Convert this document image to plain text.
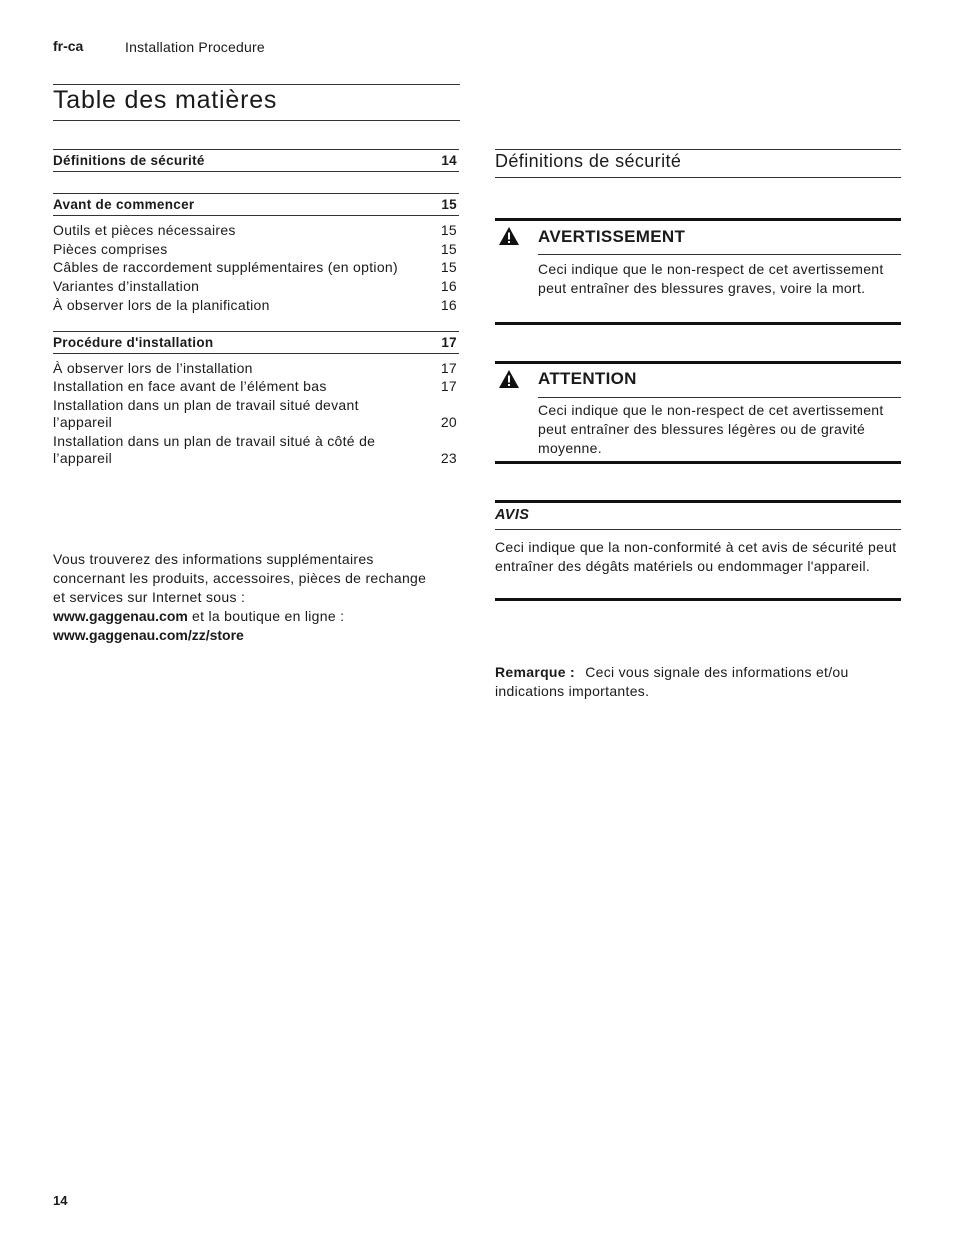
fr-ca	Installation Procedure
Table des matières
Définitions de sécurité	14
Avant de commencer	15
Outils et pièces nécessaires	15
Pièces comprises	15
Câbles de raccordement supplémentaires (en option)	15
Variantes d’installation	16
À observer lors de la planification	16
Procédure d'installation	17
À observer lors de l’installation	17
Installation en face avant de l’élément bas	17
Installation dans un plan de travail situé devant l’appareil	20
Installation dans un plan de travail situé à côté de l’appareil	23
Vous trouverez des informations supplémentaires concernant les produits, accessoires, pièces de rechange et services sur Internet sous :
www.gaggenau.com et la boutique en ligne :
www.gaggenau.com/zz/store
Définitions de sécurité
AVERTISSEMENT
Ceci indique que le non-respect de cet avertissement peut entraîner des blessures graves, voire la mort.
ATTENTION
Ceci indique que le non-respect de cet avertissement peut entraîner des blessures légères ou de gravité moyenne.
AVIS
Ceci indique que la non-conformité à cet avis de sécurité peut entraîner des dégâts matériels ou endommager l'appareil.
Remarque : Ceci vous signale des informations et/ou indications importantes.
14
